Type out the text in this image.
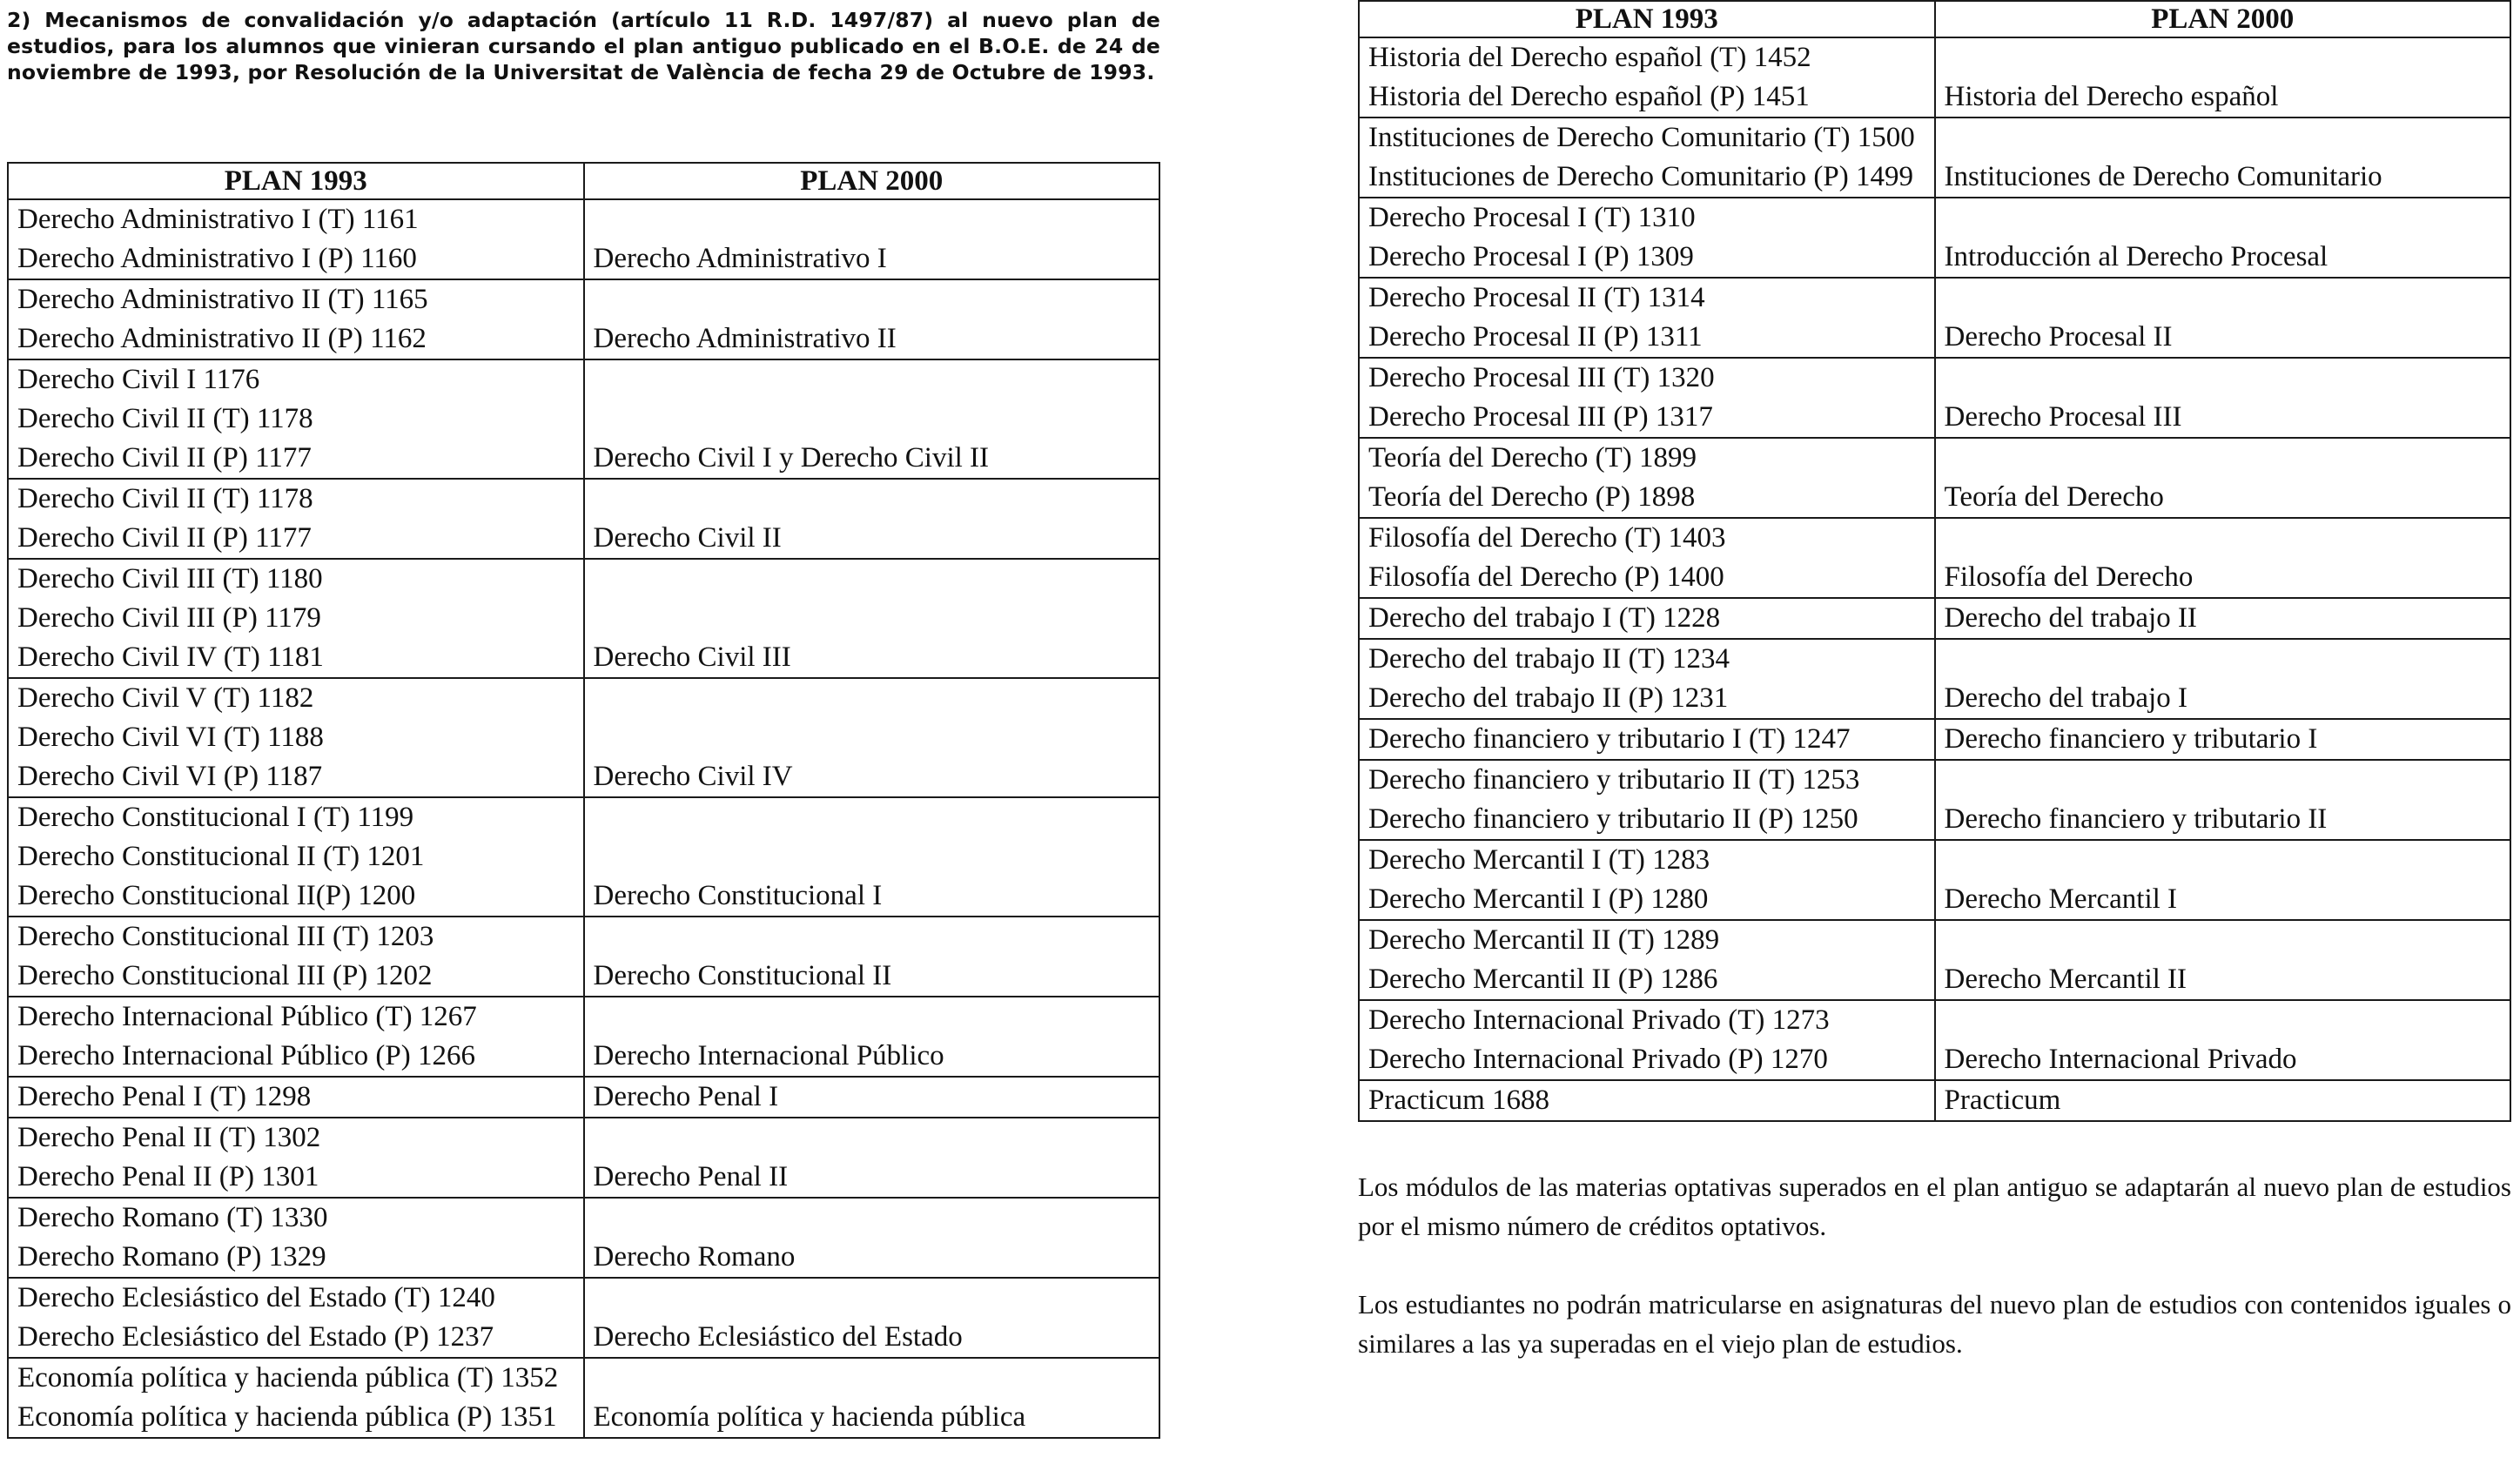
2) Mecanismos de convalidación y/o adaptación (artículo 11 R.D. 1497/87) al nuevo plan de estudios, para los alumnos que vinieran cursando el plan antiguo publicado en el B.O.E. de 24 de noviembre de 1993, por Resolución de la Universitat de València de fecha 29 de Octubre de 1993.

PLAN 1993	PLAN 2000

Derecho Administrativo I (T) 1161
Derecho Administrativo I (P) 1160	Derecho Administrativo I

Derecho Administrativo II (T) 1165
Derecho Administrativo II (P) 1162	Derecho Administrativo II

Derecho Civil I 1176
Derecho Civil II (T) 1178
Derecho Civil II (P) 1177	Derecho Civil I y Derecho Civil II

Derecho Civil II (T) 1178
Derecho Civil II (P) 1177	Derecho Civil II

Derecho Civil III (T) 1180
Derecho Civil III (P) 1179
Derecho Civil IV (T) 1181	Derecho Civil III

Derecho Civil V (T) 1182
Derecho Civil VI (T) 1188
Derecho Civil VI (P) 1187	Derecho Civil IV

Derecho Constitucional I (T) 1199
Derecho Constitucional II (T) 1201
Derecho Constitucional II(P) 1200	Derecho Constitucional I

Derecho Constitucional III (T) 1203
Derecho Constitucional III (P) 1202	Derecho Constitucional II

Derecho Internacional Público (T) 1267
Derecho Internacional Público (P) 1266	Derecho Internacional Público

Derecho Penal I (T) 1298	Derecho Penal I

Derecho Penal II (T) 1302
Derecho Penal II (P) 1301	Derecho Penal II

Derecho Romano (T) 1330
Derecho Romano (P) 1329	Derecho Romano

Derecho Eclesiástico del Estado (T) 1240
Derecho Eclesiástico del Estado (P) 1237	Derecho Eclesiástico del Estado

Economía política y hacienda pública (T) 1352
Economía política y hacienda pública (P) 1351	Economía política y hacienda pública
PLAN 1993	PLAN 2000

Historia del Derecho español (T) 1452
Historia del Derecho español (P) 1451	Historia del Derecho español

Instituciones de Derecho Comunitario (T) 1500
Instituciones de Derecho Comunitario (P) 1499	Instituciones de Derecho Comunitario

Derecho Procesal I (T) 1310
Derecho Procesal I (P) 1309	Introducción al Derecho Procesal

Derecho Procesal II (T) 1314
Derecho Procesal II (P) 1311	Derecho Procesal II

Derecho Procesal III (T) 1320
Derecho Procesal III (P) 1317	Derecho Procesal III

Teoría del Derecho (T) 1899
Teoría del Derecho (P) 1898	Teoría del Derecho

Filosofía del Derecho (T) 1403
Filosofía del Derecho (P) 1400	Filosofía del Derecho

Derecho del trabajo I (T) 1228	Derecho del trabajo II

Derecho del trabajo II (T) 1234
Derecho del trabajo II (P) 1231	Derecho del trabajo I

Derecho financiero y tributario I (T) 1247	Derecho financiero y tributario I

Derecho financiero y tributario II (T) 1253
Derecho financiero y tributario II (P) 1250	Derecho financiero y tributario II

Derecho Mercantil I (T) 1283
Derecho Mercantil I (P) 1280	Derecho Mercantil I

Derecho Mercantil II (T) 1289
Derecho Mercantil II (P) 1286	Derecho Mercantil II

Derecho Internacional Privado (T) 1273
Derecho Internacional Privado (P) 1270	Derecho Internacional Privado

Practicum 1688	Practicum

Los módulos de las materias optativas superados en el plan antiguo se adaptarán al nuevo plan de estudios por el mismo número de créditos optativos.

Los estudiantes no podrán matricularse en asignaturas del nuevo plan de estudios con contenidos iguales o similares a las ya superadas en el viejo plan de estudios.
